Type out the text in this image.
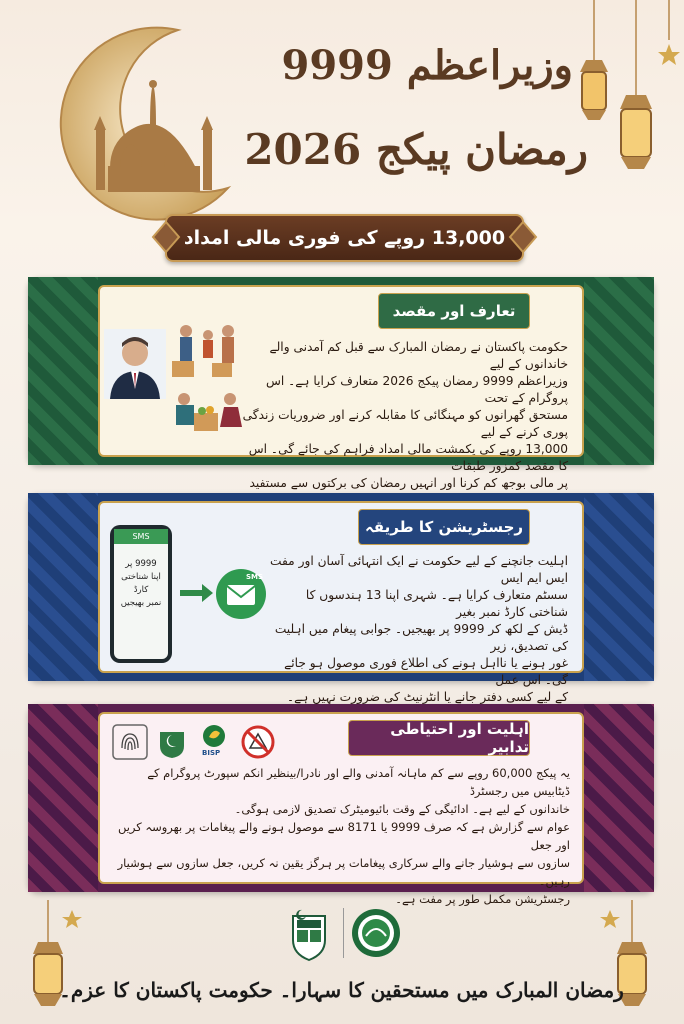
وزیراعظم 9999
رمضان پیکج 2026
13,000 روپے کی فوری مالی امداد
تعارف اور مقصد
حکومت پاکستان نے رمضان المبارک سے قبل کم آمدنی والے خاندانوں کے لیے
وزیراعظم 9999 رمضان پیکج 2026 متعارف کرایا ہے۔ اس پروگرام کے تحت
مستحق گھرانوں کو مہنگائی کا مقابلہ کرنے اور ضروریات زندگی پوری کرنے کے لیے
13,000 روپے کی یکمشت مالی امداد فراہم کی جائے گی۔ اس کا مقصد کمزور طبقات
پر مالی بوجھ کم کرنا اور انہیں رمضان کی برکتوں سے مستفید
رجسٹریشن کا طریقہ
SMS
9999 پر
اپنا شناختی کارڈ
نمبر بھیجیں
SMS
اہلیت جانچنے کے لیے حکومت نے ایک انتہائی آسان اور مفت ایس ایم ایس
سسٹم متعارف کرایا ہے۔ شہری اپنا 13 ہندسوں کا شناختی کارڈ نمبر بغیر
ڈیش کے لکھ کر 9999 پر بھیجیں۔ جوابی پیغام میں اہلیت کی تصدیق، زیر
غور ہونے یا نااہل ہونے کی اطلاع فوری موصول ہو جائے گی۔ اس عمل
کے لیے کسی دفتر جانے یا انٹرنیٹ کی ضرورت نہیں ہے۔
اہلیت اور احتیاطی تدابیر
BISP
یہ پیکج 60,000 روپے سے کم ماہانہ آمدنی والے اور نادرا/بینظیر انکم سپورٹ پروگرام کے ڈیٹابیس میں رجسٹرڈ
خاندانوں کے لیے ہے۔ ادائیگی کے وقت بائیومیٹرک تصدیق لازمی ہوگی۔
عوام سے گزارش ہے کہ صرف 9999 یا 8171 سے موصول ہونے والے پیغامات پر بھروسہ کریں اور جعل
سازوں سے ہوشیار جانے والے سرکاری پیغامات پر ہرگز یقین نہ کریں، جعل سازوں سے ہوشیار رہیں۔
رجسٹریشن مکمل طور پر مفت ہے۔
رمضان المبارک میں مستحقین کا سہارا۔ حکومت پاکستان کا عزم۔
